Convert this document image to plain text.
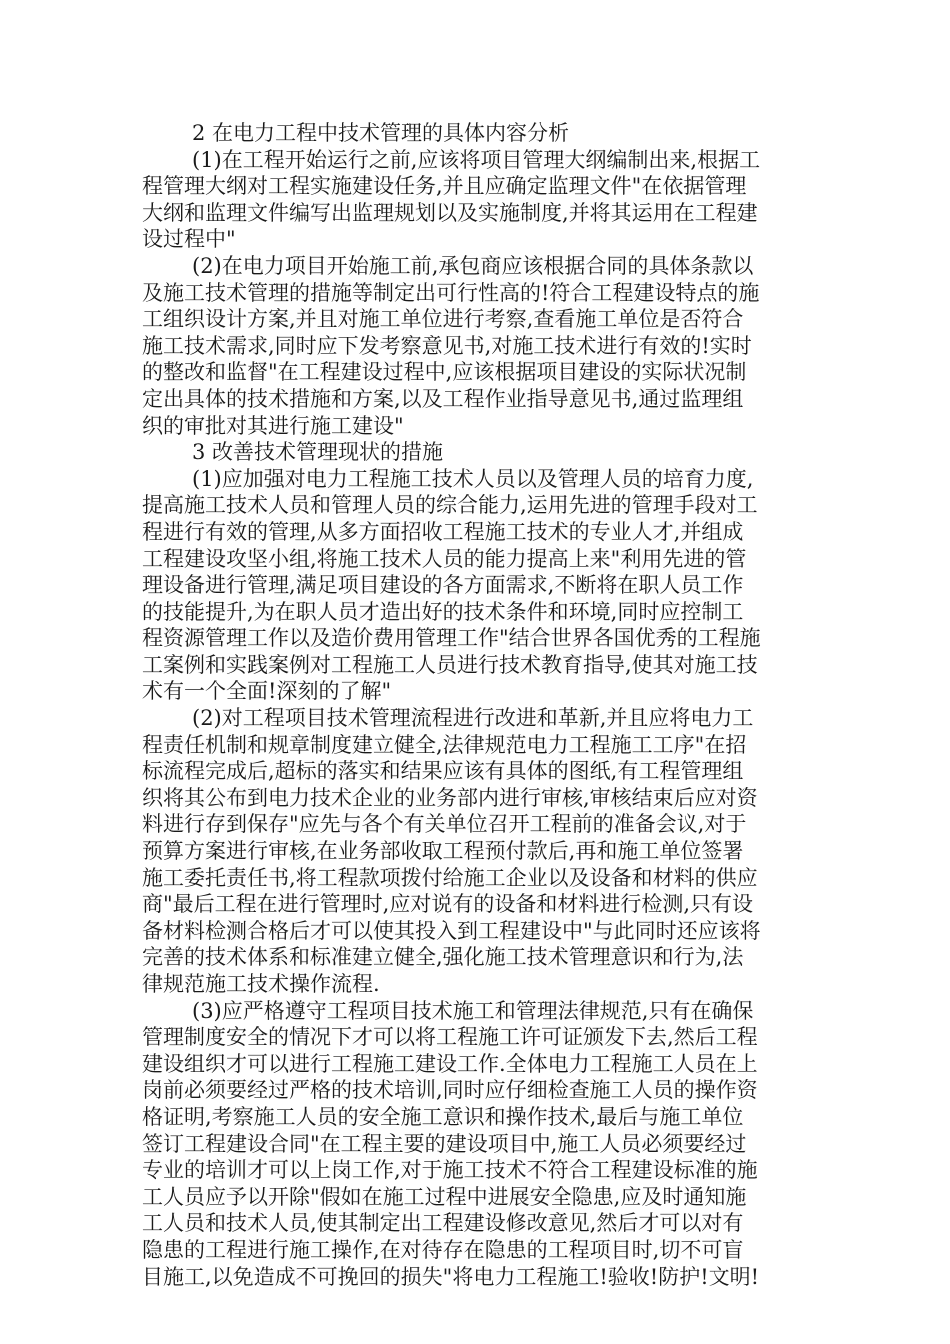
2 在电力工程中技术管理的具体内容分析
(1)在工程开始运行之前,应该将项目管理大纲编制出来,根据工
程管理大纲对工程实施建设任务,并且应确定监理文件"在依据管理
大纲和监理文件编写出监理规划以及实施制度,并将其运用在工程建
设过程中"
(2)在电力项目开始施工前,承包商应该根据合同的具体条款以
及施工技术管理的措施等制定出可行性高的!符合工程建设特点的施
工组织设计方案,并且对施工单位进行考察,查看施工单位是否符合
施工技术需求,同时应下发考察意见书,对施工技术进行有效的!实时
的整改和监督"在工程建设过程中,应该根据项目建设的实际状况制
定出具体的技术措施和方案,以及工程作业指导意见书,通过监理组
织的审批对其进行施工建设"
3 改善技术管理现状的措施
(1)应加强对电力工程施工技术人员以及管理人员的培育力度,
提高施工技术人员和管理人员的综合能力,运用先进的管理手段对工
程进行有效的管理,从多方面招收工程施工技术的专业人才,并组成
工程建设攻坚小组,将施工技术人员的能力提高上来"利用先进的管
理设备进行管理,满足项目建设的各方面需求,不断将在职人员工作
的技能提升,为在职人员才造出好的技术条件和环境,同时应控制工
程资源管理工作以及造价费用管理工作"结合世界各国优秀的工程施
工案例和实践案例对工程施工人员进行技术教育指导,使其对施工技
术有一个全面!深刻的了解"
(2)对工程项目技术管理流程进行改进和革新,并且应将电力工
程责任机制和规章制度建立健全,法律规范电力工程施工工序"在招
标流程完成后,超标的落实和结果应该有具体的图纸,有工程管理组
织将其公布到电力技术企业的业务部内进行审核,审核结束后应对资
料进行存到保存"应先与各个有关单位召开工程前的准备会议,对于
预算方案进行审核,在业务部收取工程预付款后,再和施工单位签署
施工委托责任书,将工程款项拨付给施工企业以及设备和材料的供应
商"最后工程在进行管理时,应对说有的设备和材料进行检测,只有设
备材料检测合格后才可以使其投入到工程建设中"与此同时还应该将
完善的技术体系和标准建立健全,强化施工技术管理意识和行为,法
律规范施工技术操作流程.
(3)应严格遵守工程项目技术施工和管理法律规范,只有在确保
管理制度安全的情况下才可以将工程施工许可证颁发下去,然后工程
建设组织才可以进行工程施工建设工作.全体电力工程施工人员在上
岗前必须要经过严格的技术培训,同时应仔细检查施工人员的操作资
格证明,考察施工人员的安全施工意识和操作技术,最后与施工单位
签订工程建设合同"在工程主要的建设项目中,施工人员必须要经过
专业的培训才可以上岗工作,对于施工技术不符合工程建设标准的施
工人员应予以开除"假如在施工过程中进展安全隐患,应及时通知施
工人员和技术人员,使其制定出工程建设修改意见,然后才可以对有
隐患的工程进行施工操作,在对待存在隐患的工程项目时,切不可盲
目施工,以免造成不可挽回的损失"将电力工程施工!验收!防护!文明!
